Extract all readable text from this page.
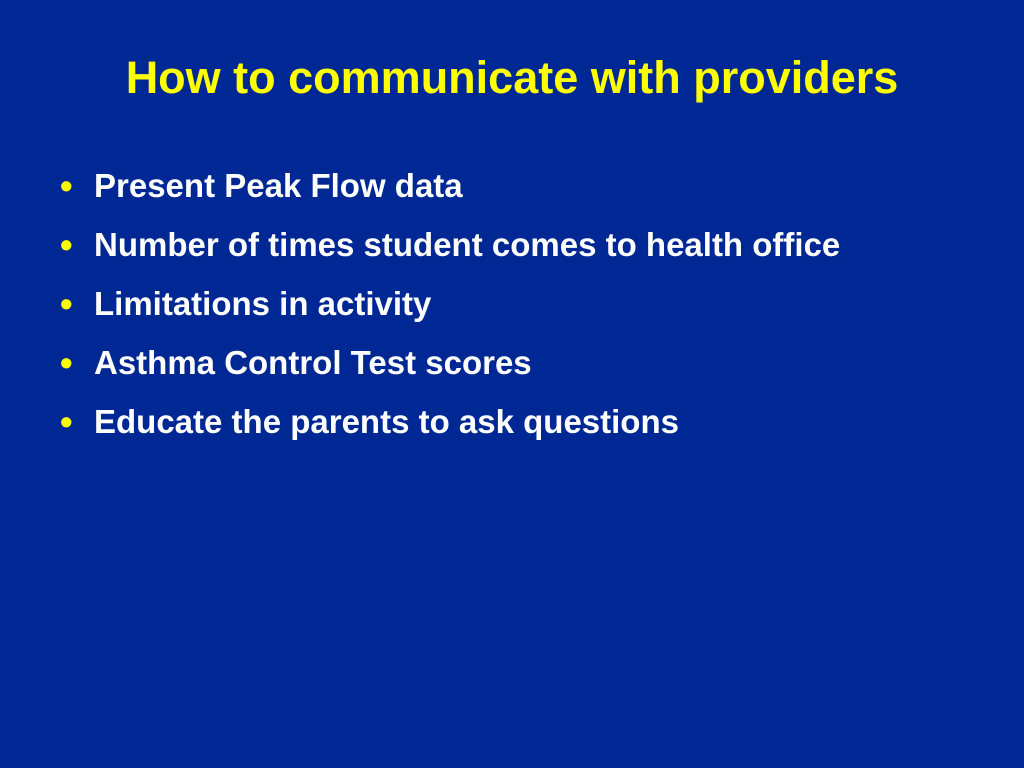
How to communicate with providers
• Present Peak Flow data
• Number of times student comes to health office
• Limitations in activity
• Asthma Control Test scores
• Educate the parents to ask questions
